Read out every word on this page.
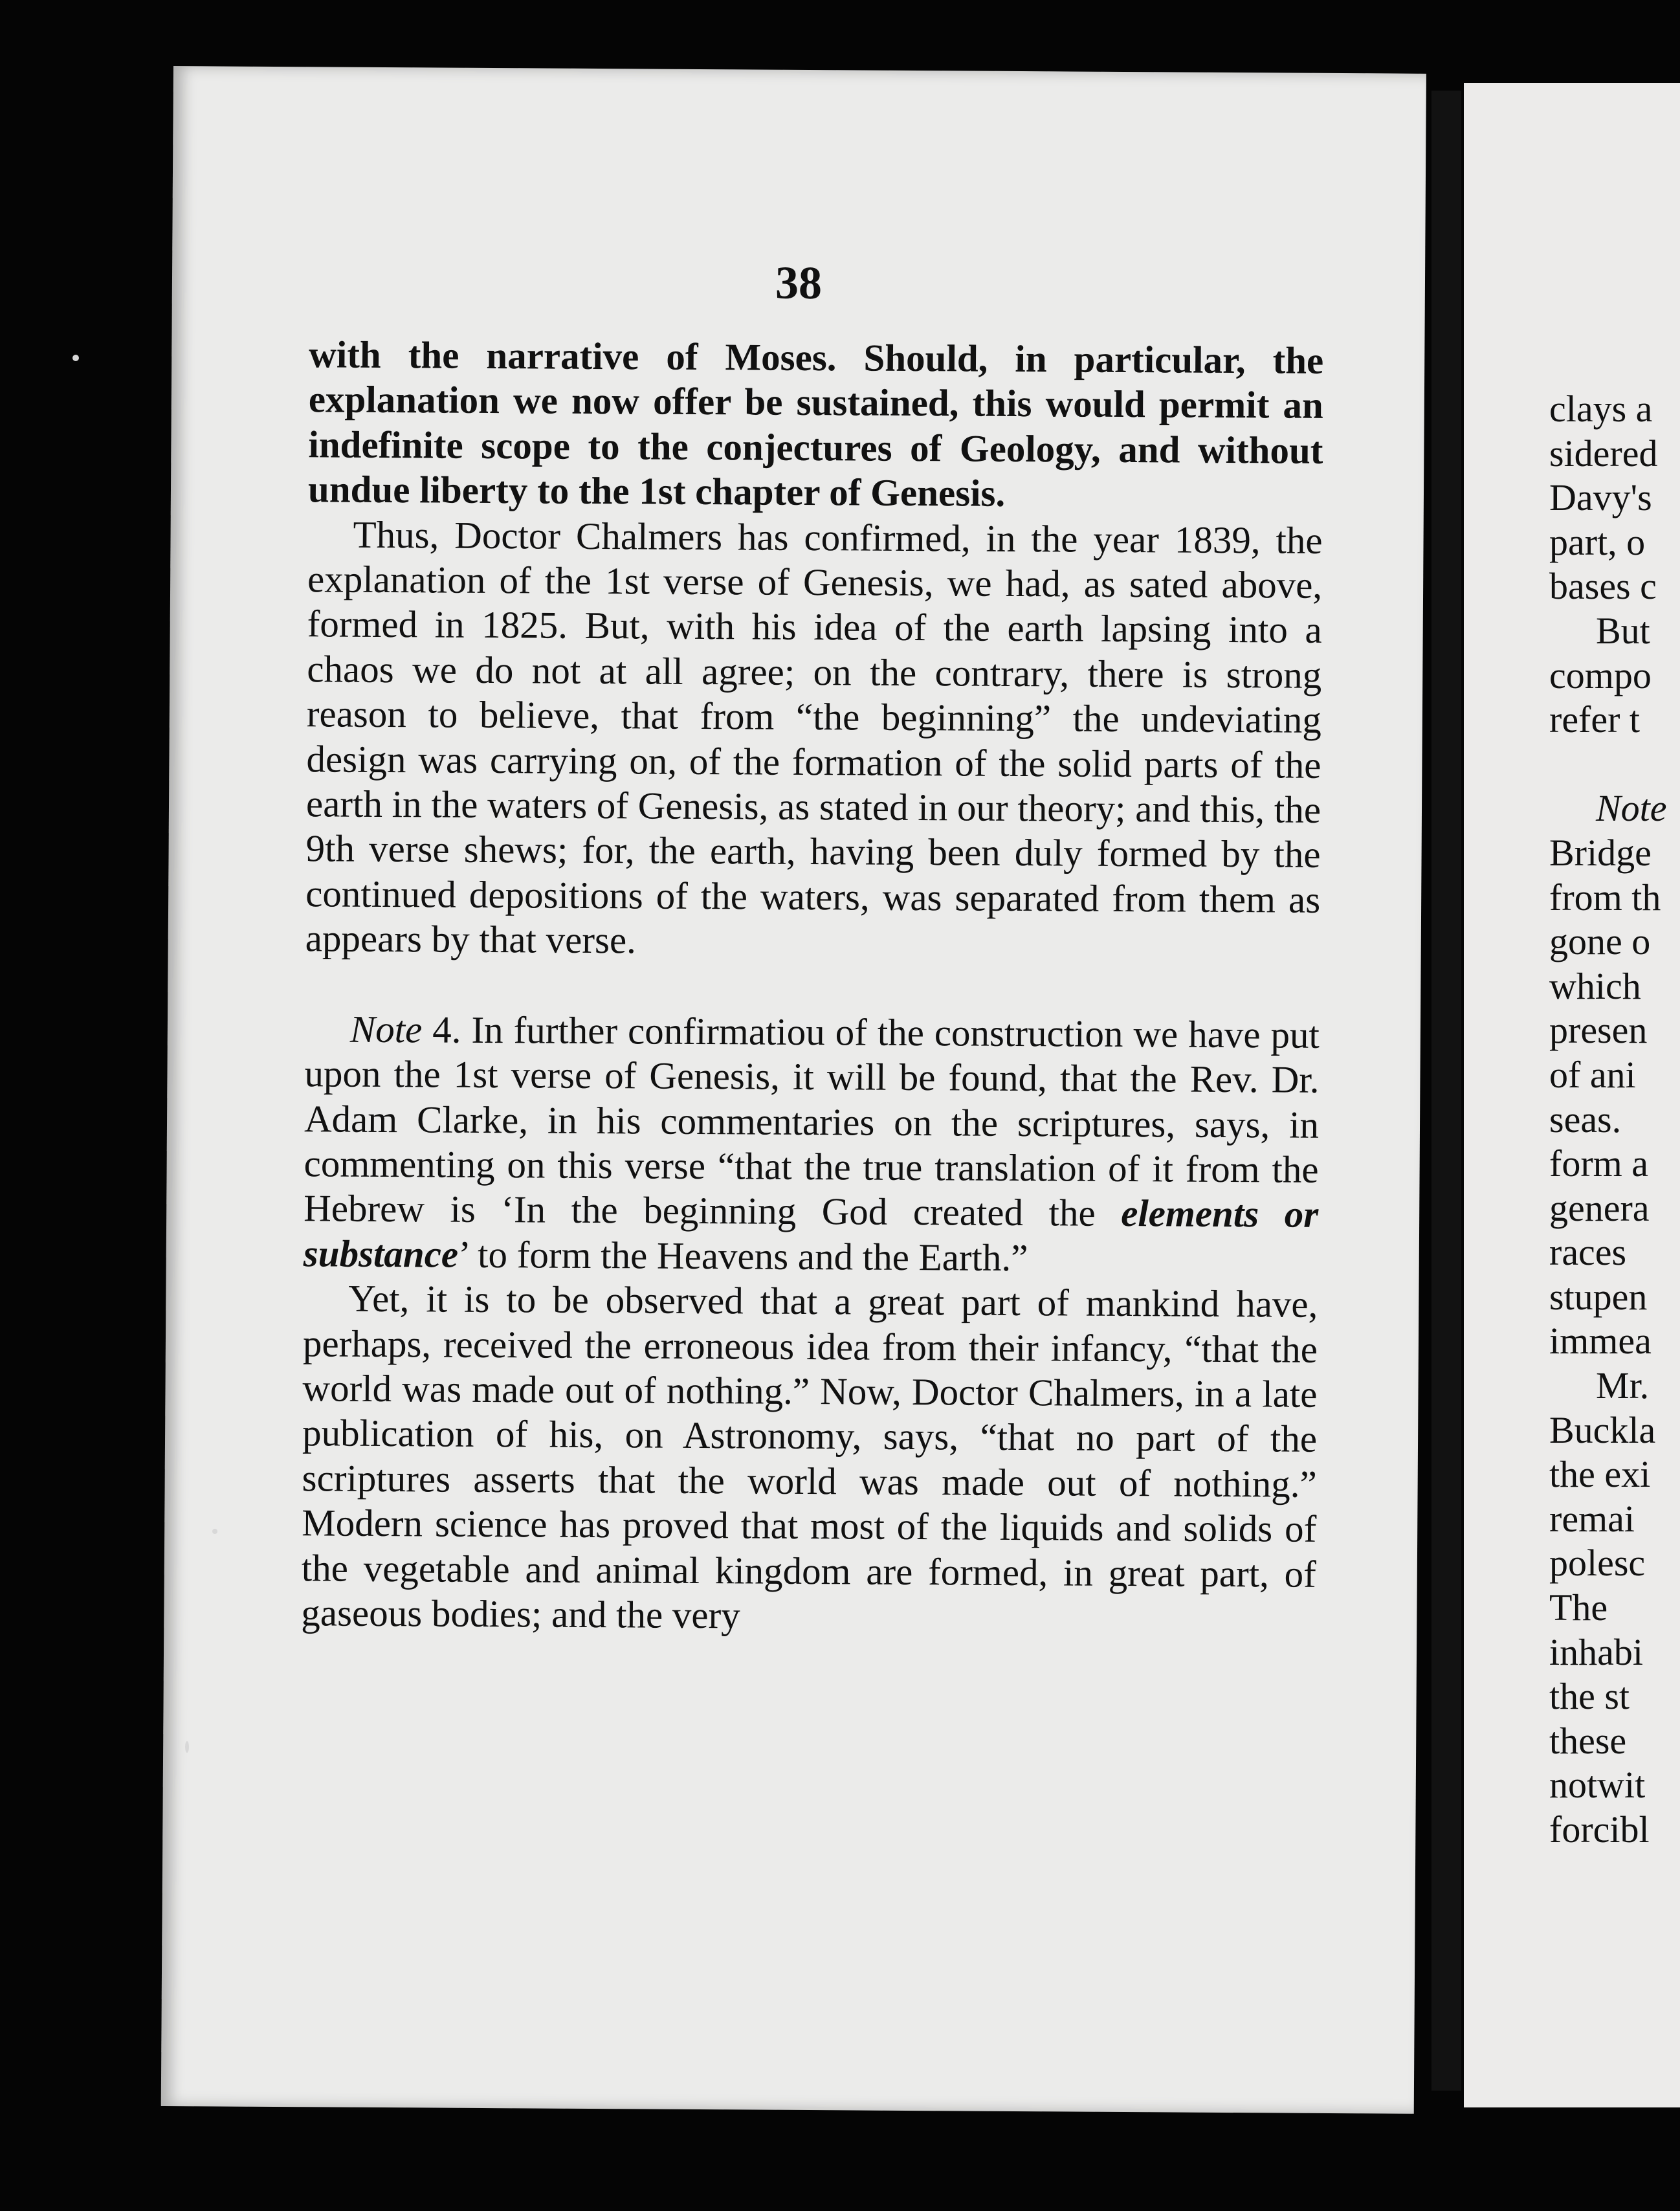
38

with the narrative of Moses. Should, in particular, the explanation we now offer be sustained, this would permit an indefinite scope to the conjectures of Geology, and without undue liberty to the 1st chapter of Genesis.

Thus, Doctor Chalmers has confirmed, in the year 1839, the explanation of the 1st verse of Genesis, we had, as sated above, formed in 1825. But, with his idea of the earth lapsing into a chaos we do not at all agree; on the contrary, there is strong reason to believe, that from “the beginning” the undeviating design was carrying on, of the formation of the solid parts of the earth in the waters of Genesis, as stated in our theory; and this, the 9th verse shews; for, the earth, having been duly formed by the continued depositions of the waters, was separated from them as appears by that verse.

Note 4. In further confirmatiou of the construction we have put upon the 1st verse of Genesis, it will be found, that the Rev. Dr. Adam Clarke, in his commentaries on the scriptures, says, in commenting on this verse “that the true translation of it from the Hebrew is ‘In the beginning God created the elements or substance’ to form the Heavens and the Earth.”

Yet, it is to be observed that a great part of mankind have, perhaps, received the erroneous idea from their infancy, “that the world was made out of nothing.” Now, Doctor Chalmers, in a late publication of his, on Astronomy, says, “that no part of the scriptures asserts that the world was made out of nothing.” Modern science has proved that most of the liquids and solids of the vegetable and animal kingdom are formed, in great part, of gaseous bodies; and the very

clays a
sidered
Davy's
part, o
bases c
But
compo
refer t
Note
Bridge
from th
gone o
which
presen
of ani
seas.
form a
genera
races
stupen
immea
Mr.
Buckla
the exi
remai
polesc
The
inhabi
the st
these
notwit
forcibl
